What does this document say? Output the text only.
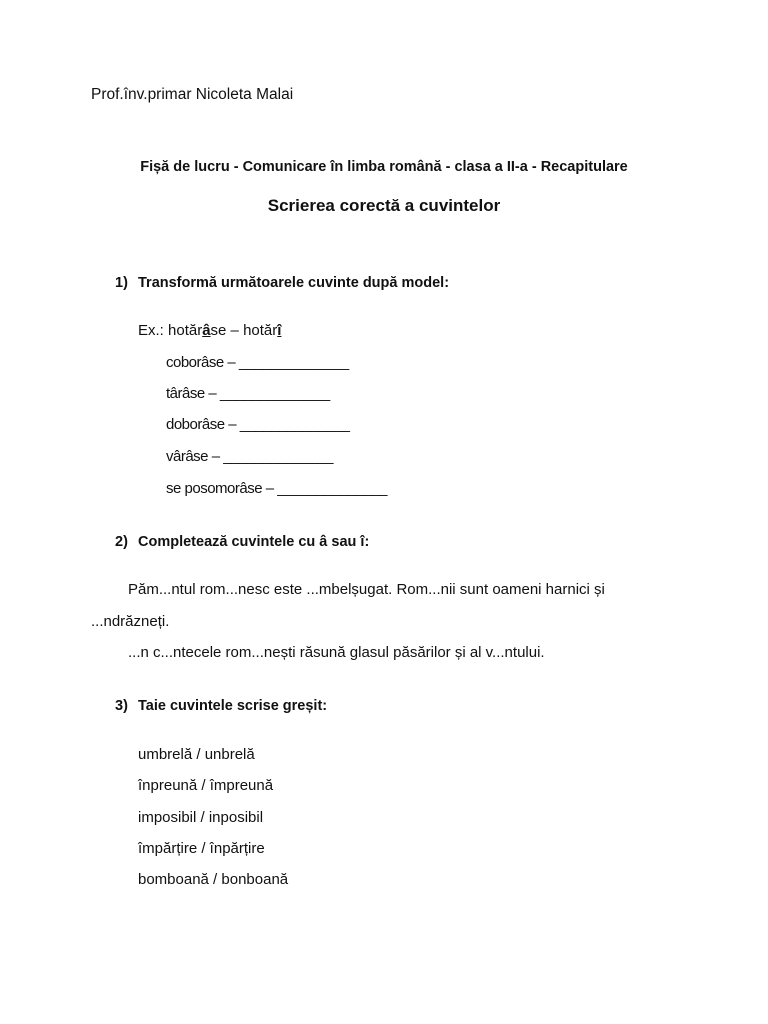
Prof.înv.primar Nicoleta Malai
Fișă de lucru - Comunicare în limba română - clasa a II-a - Recapitulare
Scrierea corectă a cuvintelor
1) Transformă următoarele cuvinte după model:
Ex.: hotărâse – hotărî
coborâse – ______________
târâse – ______________
doborâse – ______________
vârâse – ______________
se posomorâse – ______________
2) Completează cuvintele cu â sau î:
Păm...ntul rom...nesc este ...mbelșugat. Rom...nii sunt oameni harnici și
...ndrăzneți.
...n c...ntecele rom...nești răsună glasul păsărilor și al v...ntului.
3) Taie cuvintele scrise greșit:
umbrelă / unbrelă
înpreună / împreună
imposibil / inposibil
împărțire / înpărțire
bomboană / bonboană
